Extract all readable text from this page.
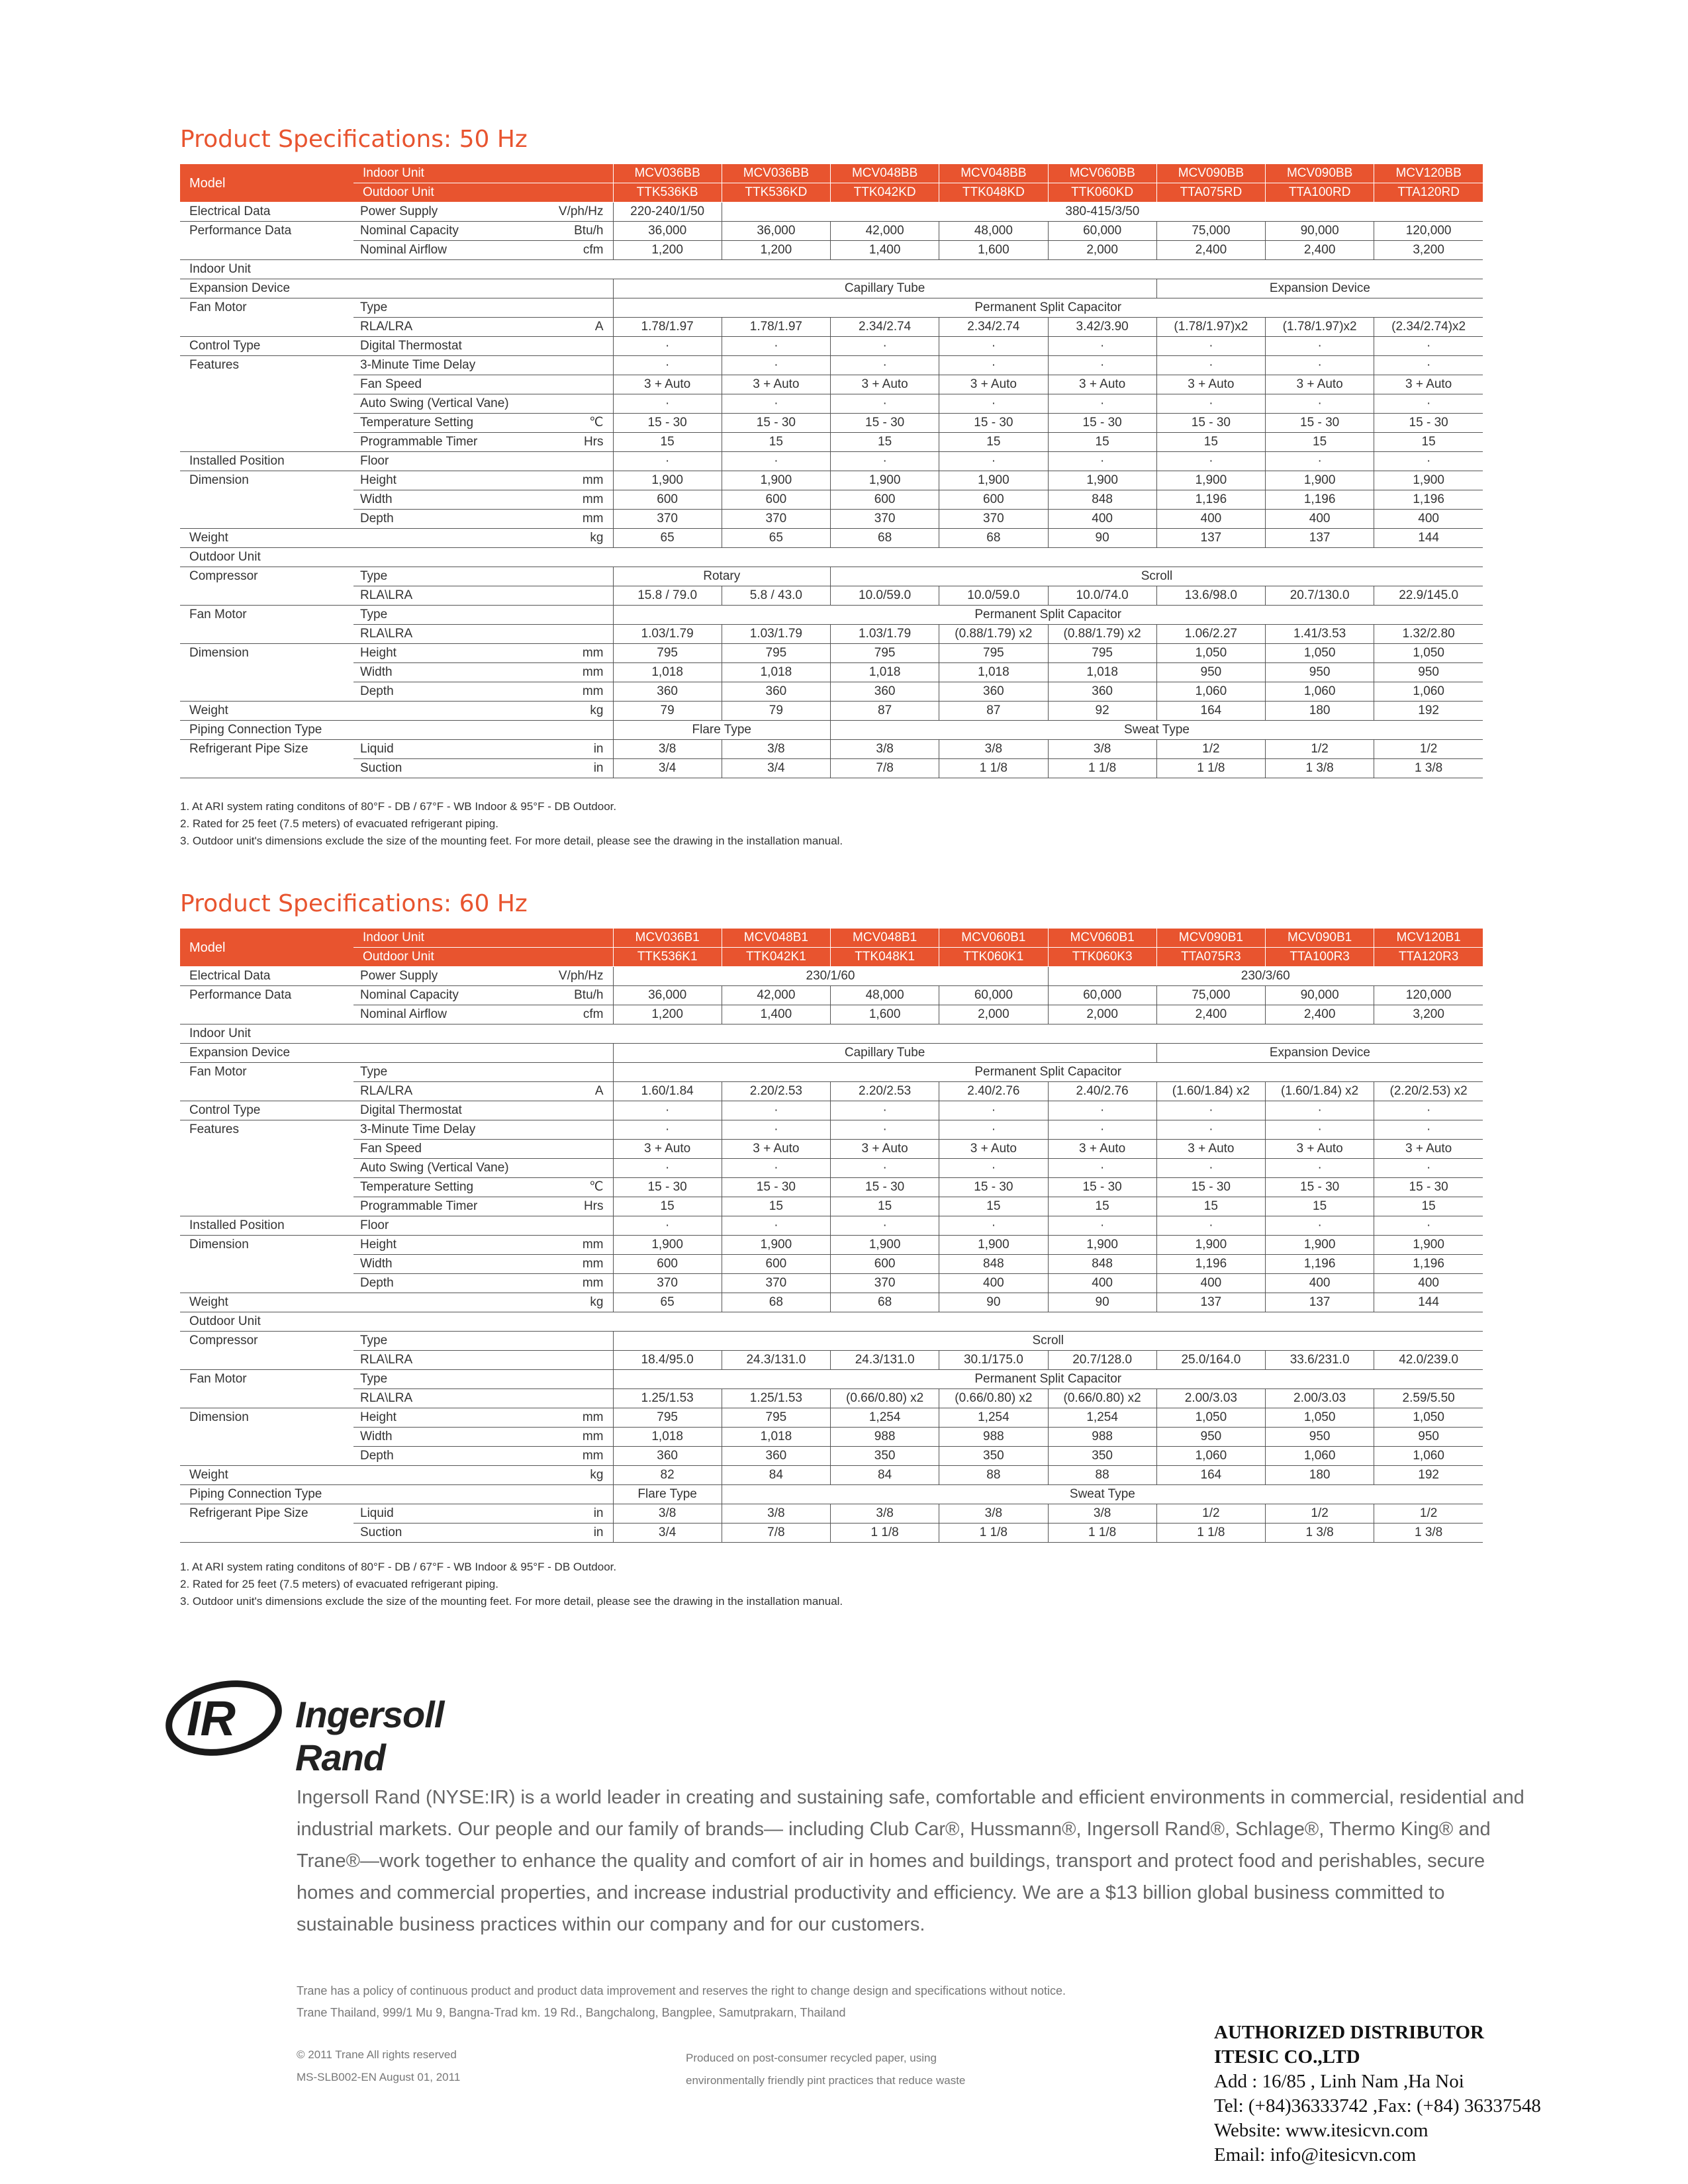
Product Specifications: 50 Hz
Model	Indoor Unit		MCV036BB	MCV036BB	MCV048BB	MCV048BB	MCV060BB	MCV090BB	MCV090BB	MCV120BB
	Outdoor Unit		TTK536KB	TTK536KD	TTK042KD	TTK048KD	TTK060KD	TTA075RD	TTA100RD	TTA120RD
Electrical Data	Power Supply	V/ph/Hz	220-240/1/50	380-415/3/50						
Performance Data	Nominal Capacity	Btu/h	36,000	36,000	42,000	48,000	60,000	75,000	90,000	120,000
	Nominal Airflow	cfm	1,200	1,200	1,400	1,600	2,000	2,400	2,400	3,200
Indoor Unit										
Expansion Device			Capillary Tube					Expansion Device		
Fan Motor	Type		Permanent Split Capacitor							
	RLA/LRA	A	1.78/1.97	1.78/1.97	2.34/2.74	2.34/2.74	3.42/3.90	(1.78/1.97)x2	(1.78/1.97)x2	(2.34/2.74)x2
Control Type	Digital Thermostat		·	·	·	·	·	·	·	·
Features	3-Minute Time Delay		·	·	·	·	·	·	·	·
	Fan Speed		3 + Auto	3 + Auto	3 + Auto	3 + Auto	3 + Auto	3 + Auto	3 + Auto	3 + Auto
	Auto Swing (Vertical Vane)		·	·	·	·	·	·	·	·
	Temperature Setting	℃	15 - 30	15 - 30	15 - 30	15 - 30	15 - 30	15 - 30	15 - 30	15 - 30
	Programmable Timer	Hrs	15	15	15	15	15	15	15	15
Installed Position	Floor		·	·	·	·	·	·	·	·
Dimension	Height	mm	1,900	1,900	1,900	1,900	1,900	1,900	1,900	1,900
	Width	mm	600	600	600	600	848	1,196	1,196	1,196
	Depth	mm	370	370	370	370	400	400	400	400
Weight		kg	65	65	68	68	90	137	137	144
Outdoor Unit										
Compressor	Type		Rotary		Scroll					
	RLA\LRA		15.8 / 79.0	5.8 / 43.0	10.0/59.0	10.0/59.0	10.0/74.0	13.6/98.0	20.7/130.0	22.9/145.0
Fan Motor	Type		Permanent Split Capacitor							
	RLA\LRA		1.03/1.79	1.03/1.79	1.03/1.79	(0.88/1.79) x2	(0.88/1.79) x2	1.06/2.27	1.41/3.53	1.32/2.80
Dimension	Height	mm	795	795	795	795	795	1,050	1,050	1,050
	Width	mm	1,018	1,018	1,018	1,018	1,018	950	950	950
	Depth	mm	360	360	360	360	360	1,060	1,060	1,060
Weight		kg	79	79	87	87	92	164	180	192
Piping Connection Type			Flare Type		Sweat Type					
Refrigerant Pipe Size	Liquid	in	3/8	3/8	3/8	3/8	3/8	1/2	1/2	1/2
	Suction	in	3/4	3/4	7/8	1 1/8	1 1/8	1 1/8	1 3/8	1 3/8
1. At ARI system rating conditons of 80°F - DB / 67°F - WB Indoor & 95°F - DB Outdoor.
2. Rated for 25 feet (7.5 meters) of evacuated refrigerant piping.
3. Outdoor unit's dimensions exclude the size of the mounting feet. For more detail, please see the drawing in the installation manual.
Product Specifications: 60 Hz
Model	Indoor Unit		MCV036B1	MCV048B1	MCV048B1	MCV060B1	MCV060B1	MCV090B1	MCV090B1	MCV120B1
	Outdoor Unit		TTK536K1	TTK042K1	TTK048K1	TTK060K1	TTK060K3	TTA075R3	TTA100R3	TTA120R3
Electrical Data	Power Supply	V/ph/Hz	230/1/60				230/3/60			
Performance Data	Nominal Capacity	Btu/h	36,000	42,000	48,000	60,000	60,000	75,000	90,000	120,000
	Nominal Airflow	cfm	1,200	1,400	1,600	2,000	2,000	2,400	2,400	3,200
Indoor Unit										
Expansion Device			Capillary Tube					Expansion Device		
Fan Motor	Type		Permanent Split Capacitor							
	RLA/LRA	A	1.60/1.84	2.20/2.53	2.20/2.53	2.40/2.76	2.40/2.76	(1.60/1.84) x2	(1.60/1.84) x2	(2.20/2.53) x2
Control Type	Digital Thermostat		·	·	·	·	·	·	·	·
Features	3-Minute Time Delay		·	·	·	·	·	·	·	·
	Fan Speed		3 + Auto	3 + Auto	3 + Auto	3 + Auto	3 + Auto	3 + Auto	3 + Auto	3 + Auto
	Auto Swing (Vertical Vane)		·	·	·	·	·	·	·	·
	Temperature Setting	℃	15 - 30	15 - 30	15 - 30	15 - 30	15 - 30	15 - 30	15 - 30	15 - 30
	Programmable Timer	Hrs	15	15	15	15	15	15	15	15
Installed Position	Floor		·	·	·	·	·	·	·	·
Dimension	Height	mm	1,900	1,900	1,900	1,900	1,900	1,900	1,900	1,900
	Width	mm	600	600	600	848	848	1,196	1,196	1,196
	Depth	mm	370	370	370	400	400	400	400	400
Weight		kg	65	68	68	90	90	137	137	144
Outdoor Unit										
Compressor	Type		Scroll							
	RLA\LRA		18.4/95.0	24.3/131.0	24.3/131.0	30.1/175.0	20.7/128.0	25.0/164.0	33.6/231.0	42.0/239.0
Fan Motor	Type		Permanent Split Capacitor							
	RLA\LRA		1.25/1.53	1.25/1.53	(0.66/0.80) x2	(0.66/0.80) x2	(0.66/0.80) x2	2.00/3.03	2.00/3.03	2.59/5.50
Dimension	Height	mm	795	795	1,254	1,254	1,254	1,050	1,050	1,050
	Width	mm	1,018	1,018	988	988	988	950	950	950
	Depth	mm	360	360	350	350	350	1,060	1,060	1,060
Weight		kg	82	84	84	88	88	164	180	192
Piping Connection Type			Flare Type	Sweat Type						
Refrigerant Pipe Size	Liquid	in	3/8	3/8	3/8	3/8	3/8	1/2	1/2	1/2
	Suction	in	3/4	7/8	1 1/8	1 1/8	1 1/8	1 1/8	1 3/8	1 3/8
1. At ARI system rating conditons of 80°F - DB / 67°F - WB Indoor & 95°F - DB Outdoor.
2. Rated for 25 feet (7.5 meters) of evacuated refrigerant piping.
3. Outdoor unit's dimensions exclude the size of the mounting feet. For more detail, please see the drawing in the installation manual.
IR Ingersoll Rand
Ingersoll Rand (NYSE:IR) is a world leader in creating and sustaining safe, comfortable and efficient environments in commercial, residential and industrial markets. Our people and our family of brands— including Club Car®, Hussmann®, Ingersoll Rand®, Schlage®, Thermo King® and Trane®—work together to enhance the quality and comfort of air in homes and buildings, transport and protect food and perishables, secure homes and commercial properties, and increase industrial productivity and efficiency. We are a $13 billion global business committed to sustainable business practices within our company and for our customers.
Trane has a policy of continuous product and product data improvement and reserves the right to change design and specifications without notice.
Trane Thailand, 999/1 Mu 9, Bangna-Trad km. 19 Rd., Bangchalong, Bangplee, Samutprakarn, Thailand
© 2011 Trane All rights reserved
MS-SLB002-EN August 01, 2011
Produced on post-consumer recycled paper, using
environmentally friendly pint practices that reduce waste
AUTHORIZED DISTRIBUTOR
ITESIC CO.,LTD
Add : 16/85 , Linh Nam ,Ha Noi
Tel: (+84)36333742 ,Fax: (+84) 36337548
Website: www.itesicvn.com
Email: info@itesicvn.com
